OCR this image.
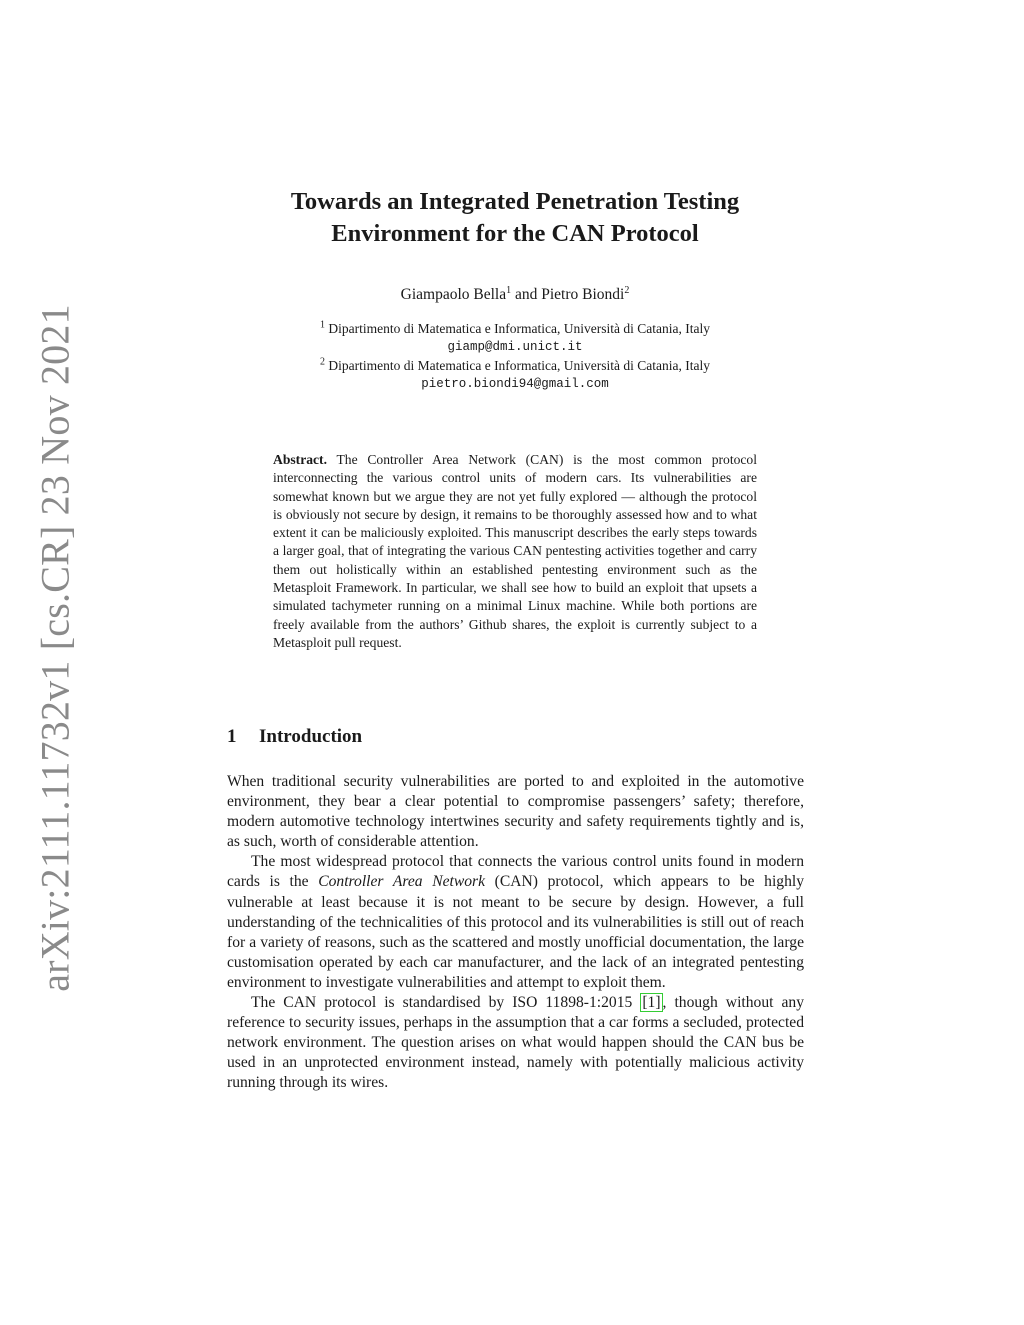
arXiv:2111.11732v1 [cs.CR] 23 Nov 2021
Towards an Integrated Penetration Testing
Environment for the CAN Protocol
Giampaolo Bella$^1$ and Pietro Biondi$^2$
$^1$ Dipartimento di Matematica e Informatica, Università di Catania, Italy
giamp@dmi.unict.it
$^2$ Dipartimento di Matematica e Informatica, Università di Catania, Italy
pietro.biondi94@gmail.com
Abstract. The Controller Area Network (CAN) is the most common protocol interconnecting the various control units of modern cars. Its vulnerabilities are somewhat known but we argue they are not yet fully explored — although the protocol is obviously not secure by design, it remains to be thoroughly assessed how and to what extent it can be maliciously exploited. This manuscript describes the early steps towards a larger goal, that of integrating the various CAN pentesting activities together and carry them out holistically within an established pentesting environment such as the Metasploit Framework. In particular, we shall see how to build an exploit that upsets a simulated tachymeter running on a minimal Linux machine. While both portions are freely available from the authors’ Github shares, the exploit is currently subject to a Metasploit pull request.
1 Introduction

When traditional security vulnerabilities are ported to and exploited in the automotive environment, they bear a clear potential to compromise passengers’ safety; therefore, modern automotive technology intertwines security and safety requirements tightly and is, as such, worth of considerable attention.

The most widespread protocol that connects the various control units found in modern cards is the Controller Area Network (CAN) protocol, which appears to be highly vulnerable at least because it is not meant to be secure by design. However, a full understanding of the technicalities of this protocol and its vulnerabilities is still out of reach for a variety of reasons, such as the scattered and mostly unofficial documentation, the large customisation operated by each car manufacturer, and the lack of an integrated pentesting environment to investigate vulnerabilities and attempt to exploit them.

The CAN protocol is standardised by ISO 11898-1:2015 [1] , though without any reference to security issues, perhaps in the assumption that a car forms a secluded, protected network environment. The question arises on what would happen should the CAN bus be used in an unprotected environment instead, namely with potentially malicious activity running through its wires.
